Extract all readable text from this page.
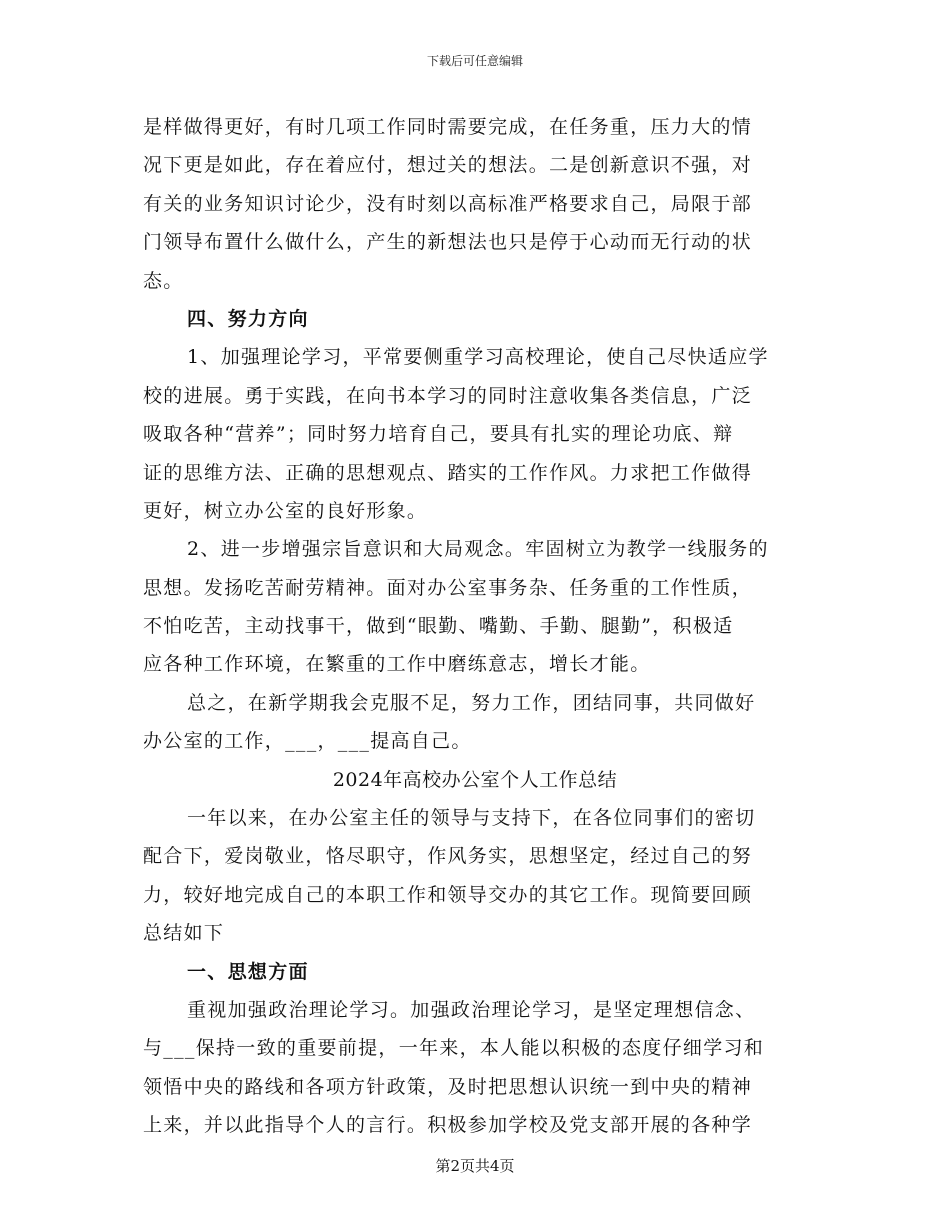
下载后可任意编辑
是样做得更好，有时几项工作同时需要完成，在任务重，压力大的情
况下更是如此，存在着应付，想过关的想法。二是创新意识不强，对
有关的业务知识讨论少，没有时刻以高标准严格要求自己，局限于部
门领导布置什么做什么，产生的新想法也只是停于心动而无行动的状
态。
四、努力方向
1、加强理论学习，平常要侧重学习高校理论，使自己尽快适应学
校的进展。勇于实践，在向书本学习的同时注意收集各类信息，广泛
吸取各种“营养”；同时努力培育自己，要具有扎实的理论功底、辩
证的思维方法、正确的思想观点、踏实的工作作风。力求把工作做得
更好，树立办公室的良好形象。
2、进一步增强宗旨意识和大局观念。牢固树立为教学一线服务的
思想。发扬吃苦耐劳精神。面对办公室事务杂、任务重的工作性质，
不怕吃苦，主动找事干，做到“眼勤、嘴勤、手勤、腿勤”，积极适
应各种工作环境，在繁重的工作中磨练意志，增长才能。
总之，在新学期我会克服不足，努力工作，团结同事，共同做好
办公室的工作，___，___提高自己。
2024年高校办公室个人工作总结
一年以来，在办公室主任的领导与支持下，在各位同事们的密切
配合下，爱岗敬业，恪尽职守，作风务实，思想坚定，经过自己的努
力，较好地完成自己的本职工作和领导交办的其它工作。现简要回顾
总结如下
一、思想方面
重视加强政治理论学习。加强政治理论学习，是坚定理想信念、
与___保持一致的重要前提，一年来，本人能以积极的态度仔细学习和
领悟中央的路线和各项方针政策，及时把思想认识统一到中央的精神
上来，并以此指导个人的言行。积极参加学校及党支部开展的各种学
第2页共4页
